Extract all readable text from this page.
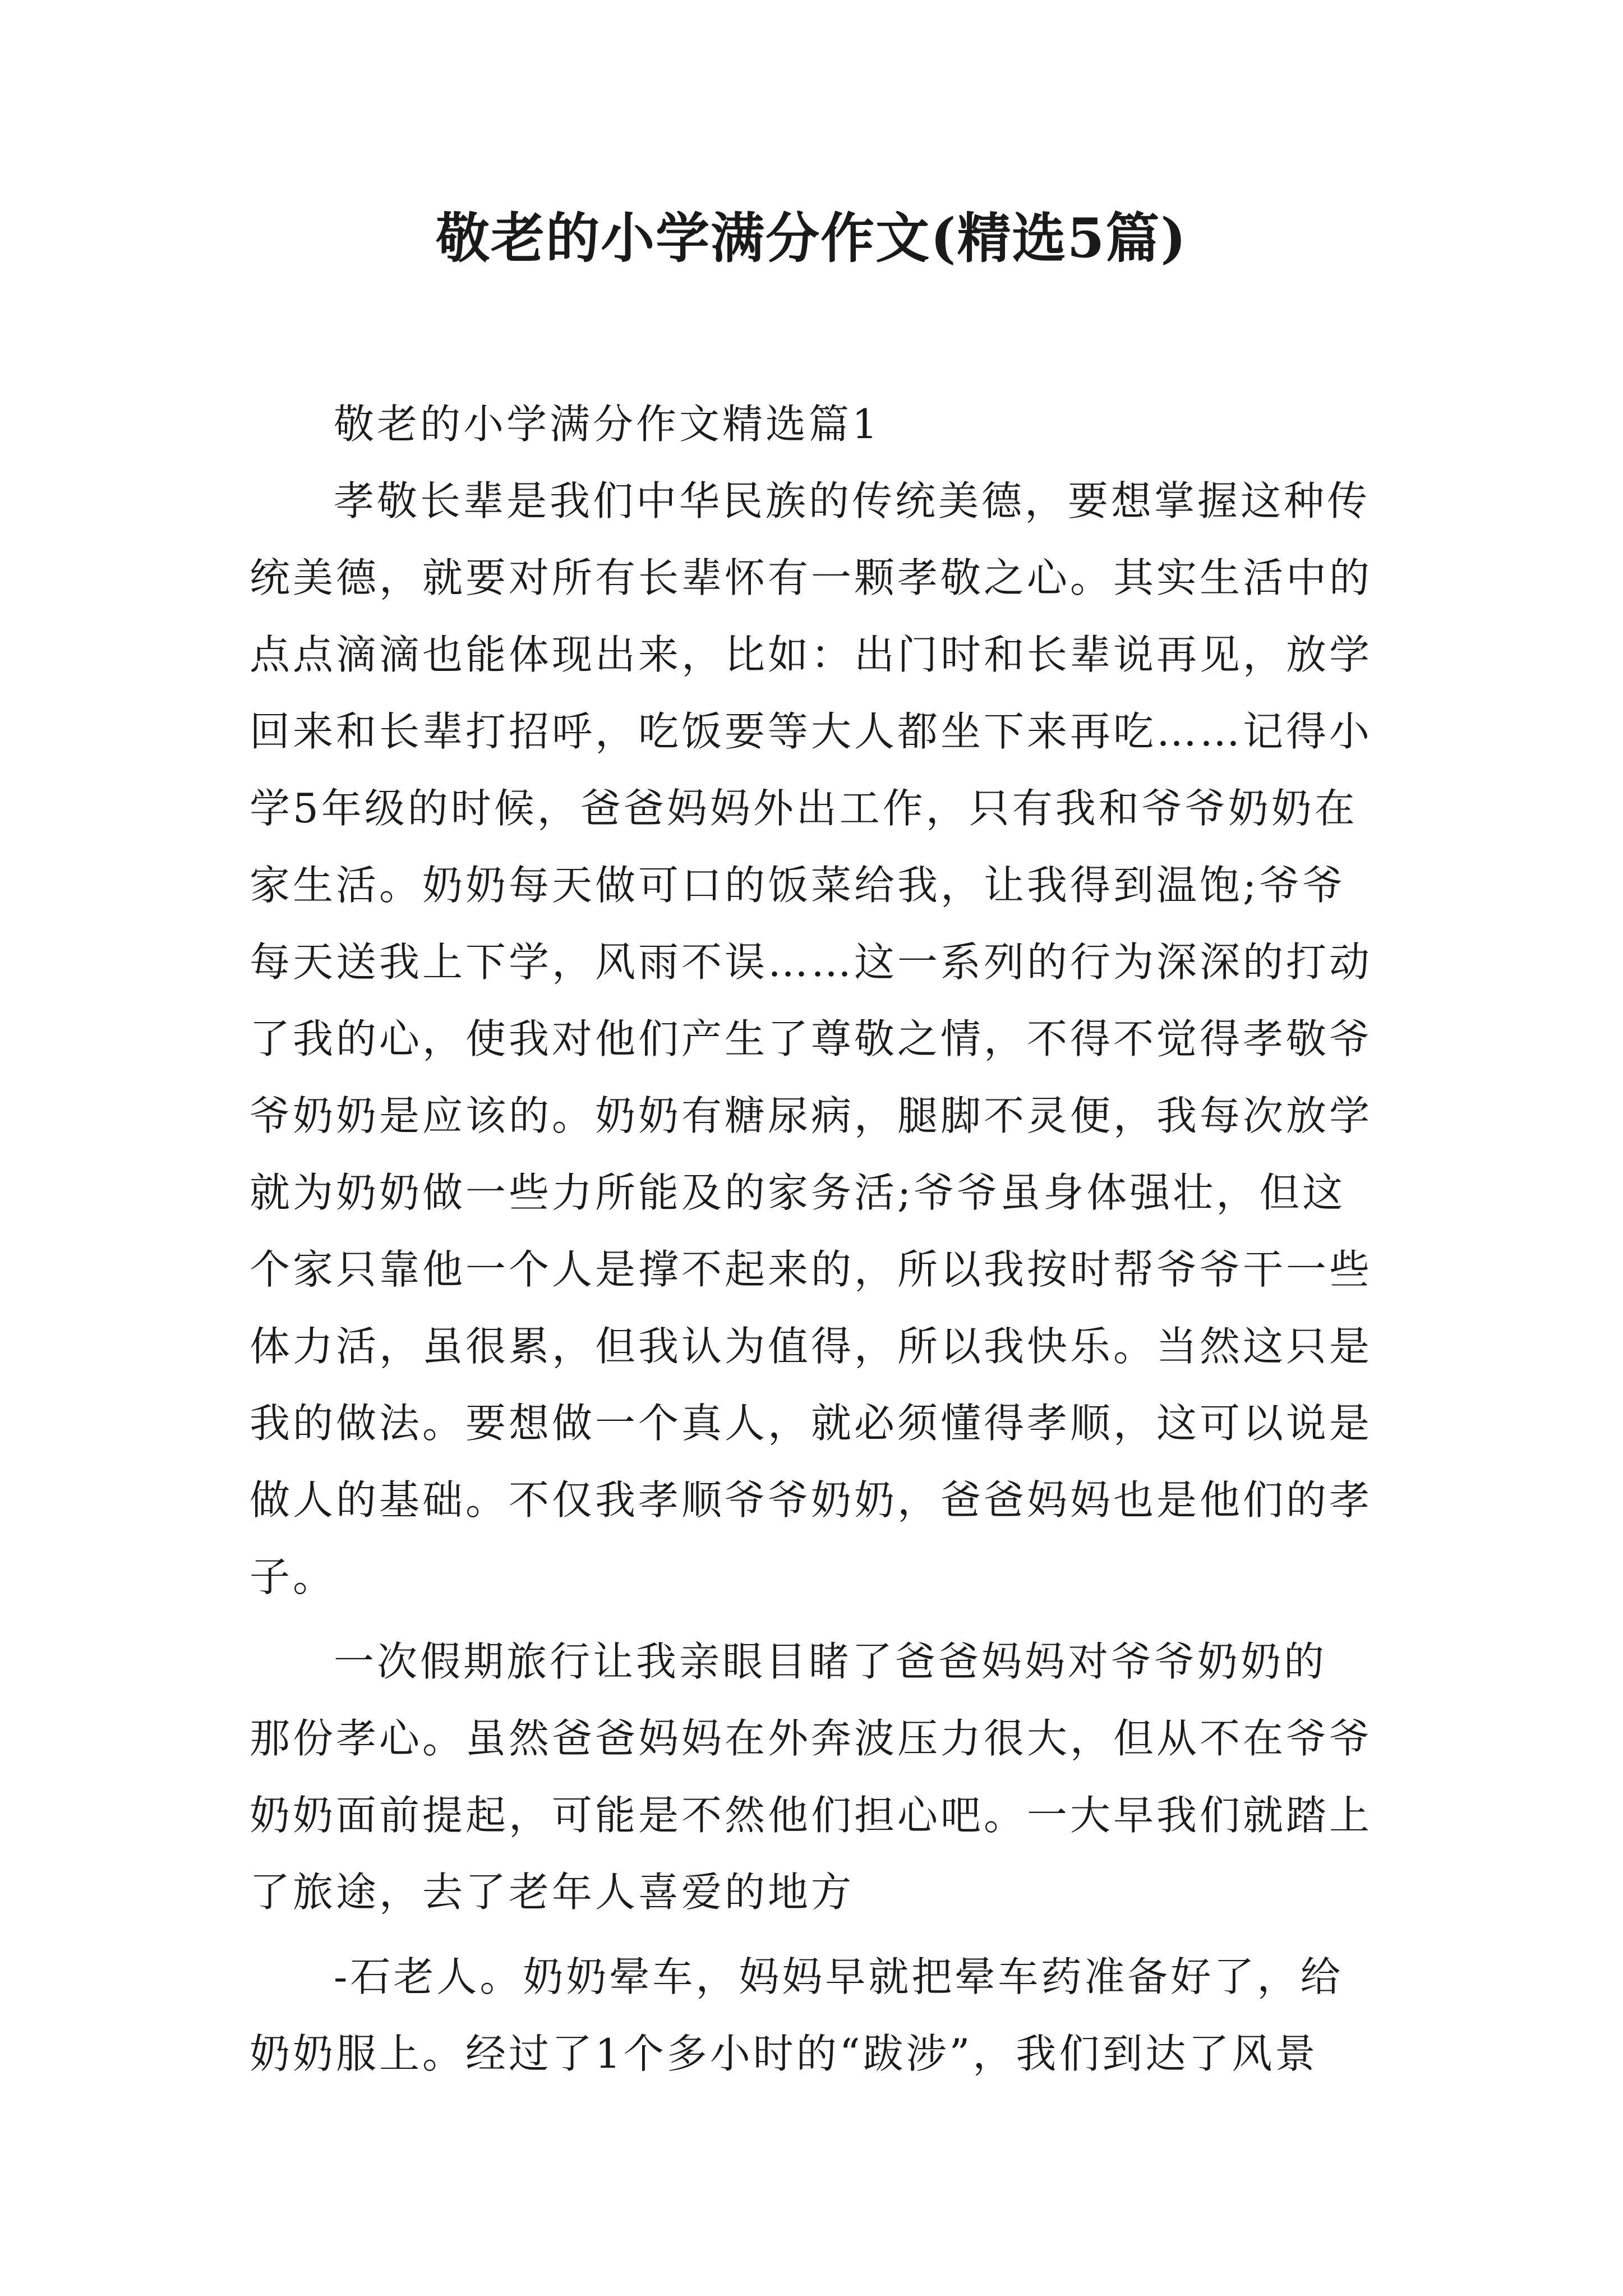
敬老的小学满分作文(精选5篇)
敬老的小学满分作文精选篇1
孝敬长辈是我们中华民族的传统美德，要想掌握这种传
统美德，就要对所有长辈怀有一颗孝敬之心。其实生活中的
点点滴滴也能体现出来，比如：出门时和长辈说再见，放学
回来和长辈打招呼，吃饭要等大人都坐下来再吃……记得小
学5年级的时候，爸爸妈妈外出工作，只有我和爷爷奶奶在
家生活。奶奶每天做可口的饭菜给我，让我得到温饱;爷爷
每天送我上下学，风雨不误……这一系列的行为深深的打动
了我的心，使我对他们产生了尊敬之情，不得不觉得孝敬爷
爷奶奶是应该的。奶奶有糖尿病，腿脚不灵便，我每次放学
就为奶奶做一些力所能及的家务活;爷爷虽身体强壮，但这
个家只靠他一个人是撑不起来的，所以我按时帮爷爷干一些
体力活，虽很累，但我认为值得，所以我快乐。当然这只是
我的做法。要想做一个真人，就必须懂得孝顺，这可以说是
做人的基础。不仅我孝顺爷爷奶奶，爸爸妈妈也是他们的孝
子。
一次假期旅行让我亲眼目睹了爸爸妈妈对爷爷奶奶的
那份孝心。虽然爸爸妈妈在外奔波压力很大，但从不在爷爷
奶奶面前提起，可能是不然他们担心吧。一大早我们就踏上
了旅途，去了老年人喜爱的地方
-石老人。奶奶晕车，妈妈早就把晕车药准备好了，给
奶奶服上。经过了1个多小时的“跋涉”，我们到达了风景
